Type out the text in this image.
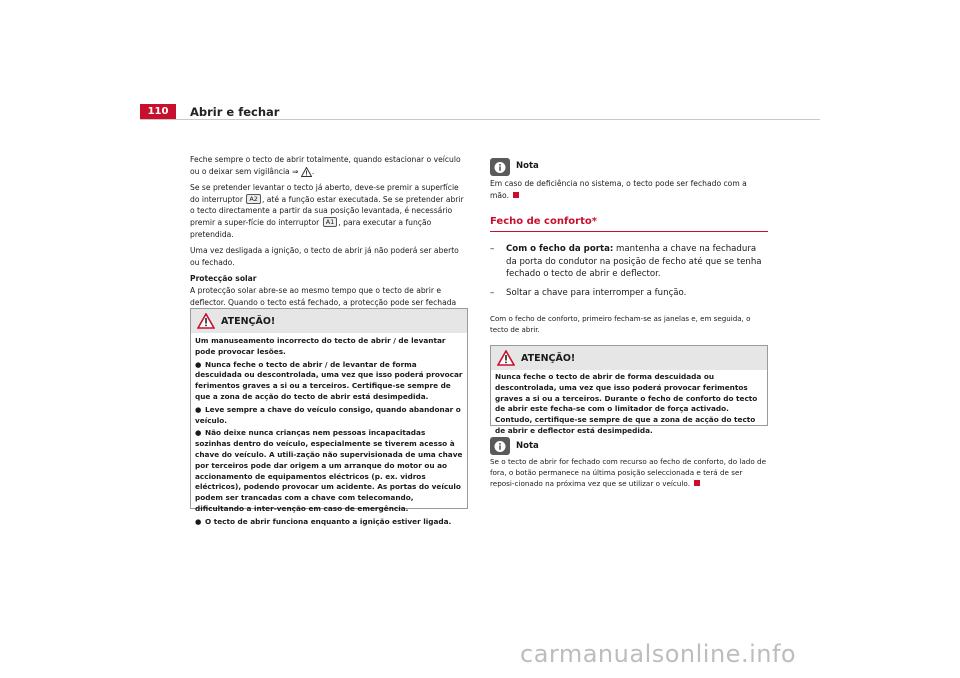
110	Abrir e fechar

Feche sempre o tecto de abrir totalmente, quando estacionar o veículo ou o deixar sem vigilância ⇒ .

Se se pretender levantar o tecto já aberto, deve-se premir a superfície do interruptor A2 , até a função estar executada. Se se pretender abrir o tecto directamente a partir da sua posição levantada, é necessário premir a super-fície do interruptor A1 , para executar a função pretendida.

Uma vez desligada a ignição, o tecto de abrir já não poderá ser aberto ou fechado.

Protecção solar

A protecção solar abre-se ao mesmo tempo que o tecto de abrir e deflector. Quando o tecto está fechado, a protecção pode ser fechada

ATENÇÃO!

Um manuseamento incorrecto do tecto de abrir / de levantar pode provocar lesões.

● Nunca feche o tecto de abrir / de levantar de forma descuidada ou descontrolada, uma vez que isso poderá provocar ferimentos graves a si ou a terceiros. Certifique-se sempre de que a zona de acção do tecto de abrir está desimpedida.

● Leve sempre a chave do veículo consigo, quando abandonar o veículo.

● Não deixe nunca crianças nem pessoas incapacitadas sozinhas dentro do veículo, especialmente se tiverem acesso à chave do veículo. A utili-zação não supervisionada de uma chave por terceiros pode dar origem a um arranque do motor ou ao accionamento de equipamentos eléctricos (p. ex. vidros eléctricos), podendo provocar um acidente. As portas do veículo podem ser trancadas com a chave com telecomando, dificultando a inter-venção em caso de emergência.

● O tecto de abrir funciona enquanto a ignição estiver ligada.

Nota
Em caso de deficiência no sistema, o tecto pode ser fechado com a mão.
Fecho de conforto*
–	Com o fecho da porta: mantenha a chave na fechadura da porta do condutor na posição de fecho até que se tenha fechado o tecto de abrir e deflector.
–	Soltar a chave para interromper a função.
Com o fecho de conforto, primeiro fecham-se as janelas e, em seguida, o tecto de abrir.
ATENÇÃO!
Nunca feche o tecto de abrir de forma descuidada ou descontrolada, uma vez que isso poderá provocar ferimentos graves a si ou a terceiros. Durante o fecho de conforto do tecto de abrir este fecha-se com o limitador de força activado. Contudo, certifique-se sempre de que a zona de acção do tecto de abrir e deflector está desimpedida.
Nota
Se o tecto de abrir for fechado com recurso ao fecho de conforto, do lado de fora, o botão permanece na última posição seleccionada e terá de ser reposi-cionado na próxima vez que se utilizar o veículo.
carmanualsonline.info
